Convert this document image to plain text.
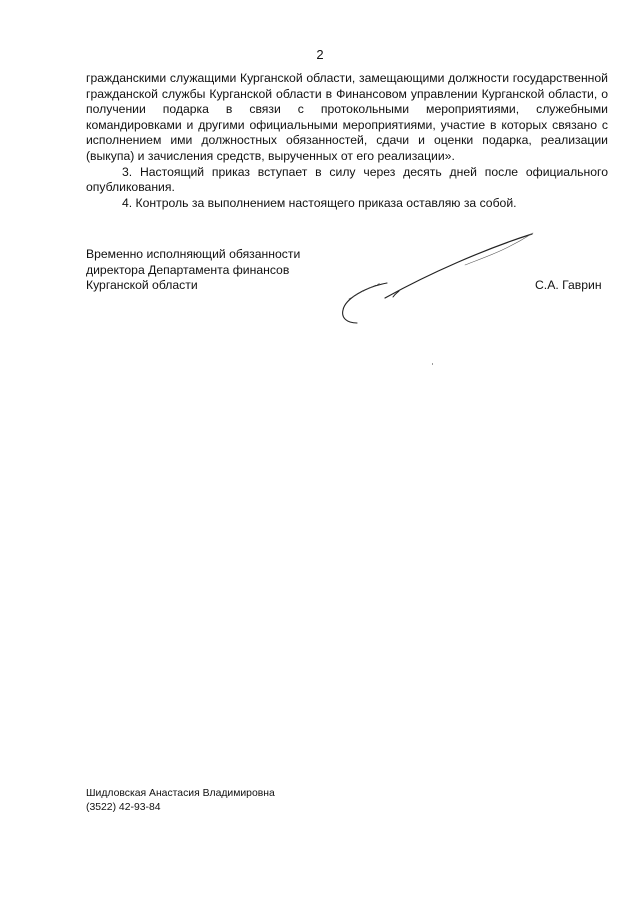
2

гражданскими служащими Курганской области, замещающими должности государственной гражданской службы Курганской области в Финансовом управлении Курганской области, о получении подарка в связи с протокольными мероприятиями, служебными командировками и другими официальными мероприятиями, участие в которых связано с исполнением ими должностных обязанностей, сдачи и оценки подарка, реализации (выкупа) и зачисления средств, вырученных от его реализации».

3. Настоящий приказ вступает в силу через десять дней после официального опубликования.

4. Контроль за выполнением настоящего приказа оставляю за собой.

Временно исполняющий обязанности
директора Департамента финансов
Курганской области	С.А. Гаврин
Шидловская Анастасия Владимировна
(3522) 42-93-84
